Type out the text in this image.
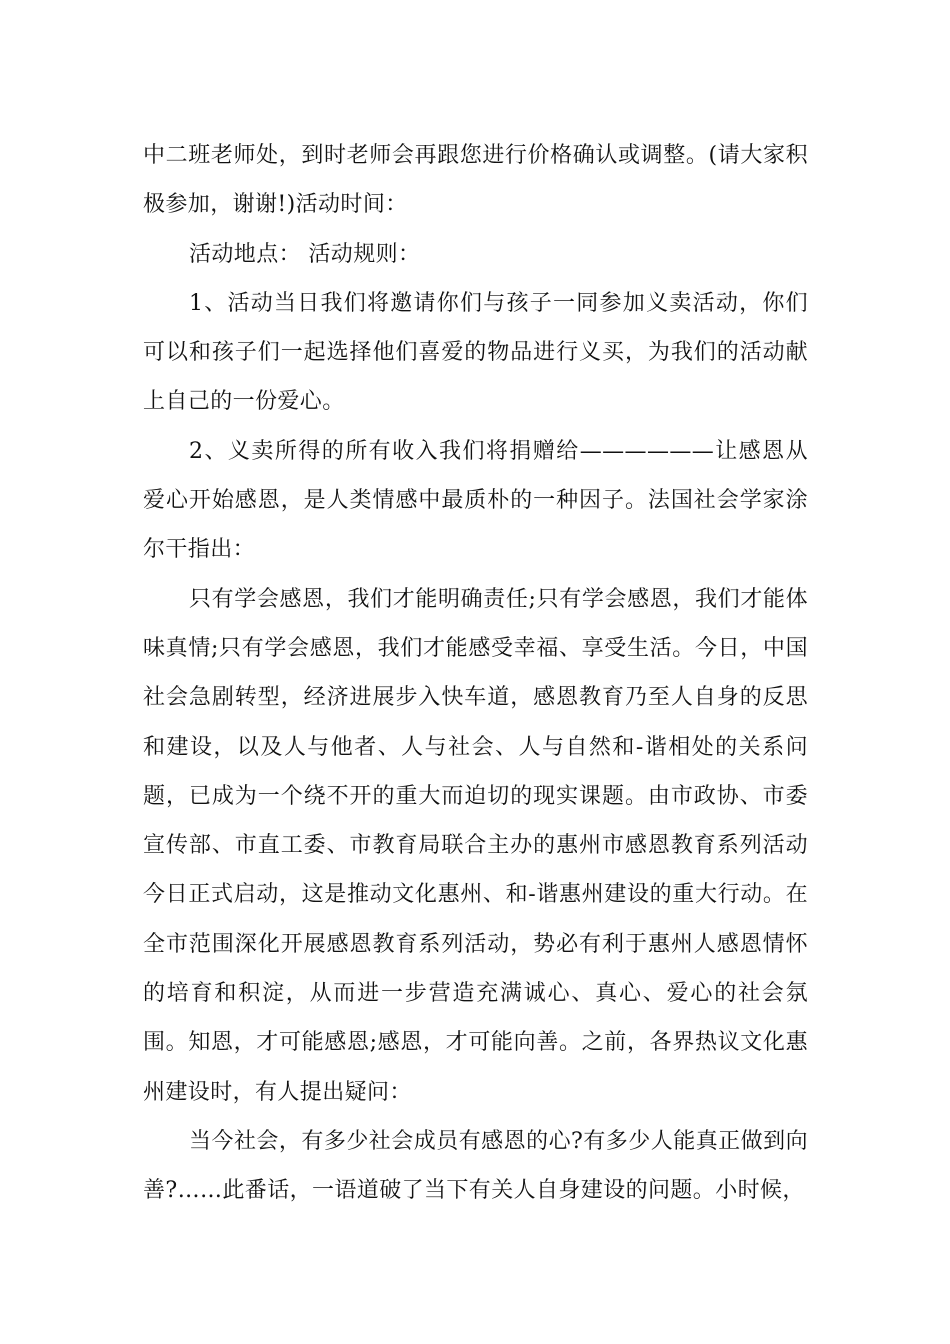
中二班老师处，到时老师会再跟您进行价格确认或调整。(请大家积极参加，谢谢!)活动时间：

活动地点： 活动规则：

1、活动当日我们将邀请你们与孩子一同参加义卖活动，你们可以和孩子们一起选择他们喜爱的物品进行义买，为我们的活动献上自己的一份爱心。

2、义卖所得的所有收入我们将捐赠给——————让感恩从爱心开始感恩，是人类情感中最质朴的一种因子。法国社会学家涂尔干指出：

只有学会感恩，我们才能明确责任;只有学会感恩，我们才能体味真情;只有学会感恩，我们才能感受幸福、享受生活。今日，中国社会急剧转型，经济进展步入快车道，感恩教育乃至人自身的反思和建设，以及人与他者、人与社会、人与自然和-谐相处的关系问题，已成为一个绕不开的重大而迫切的现实课题。由市政协、市委宣传部、市直工委、市教育局联合主办的惠州市感恩教育系列活动今日正式启动，这是推动文化惠州、和-谐惠州建设的重大行动。在全市范围深化开展感恩教育系列活动，势必有利于惠州人感恩情怀的培育和积淀，从而进一步营造充满诚心、真心、爱心的社会氛围。知恩，才可能感恩;感恩，才可能向善。之前，各界热议文化惠州建设时，有人提出疑问：

当今社会，有多少社会成员有感恩的心?有多少人能真正做到向善?……此番话，一语道破了当下有关人自身建设的问题。小时候，
